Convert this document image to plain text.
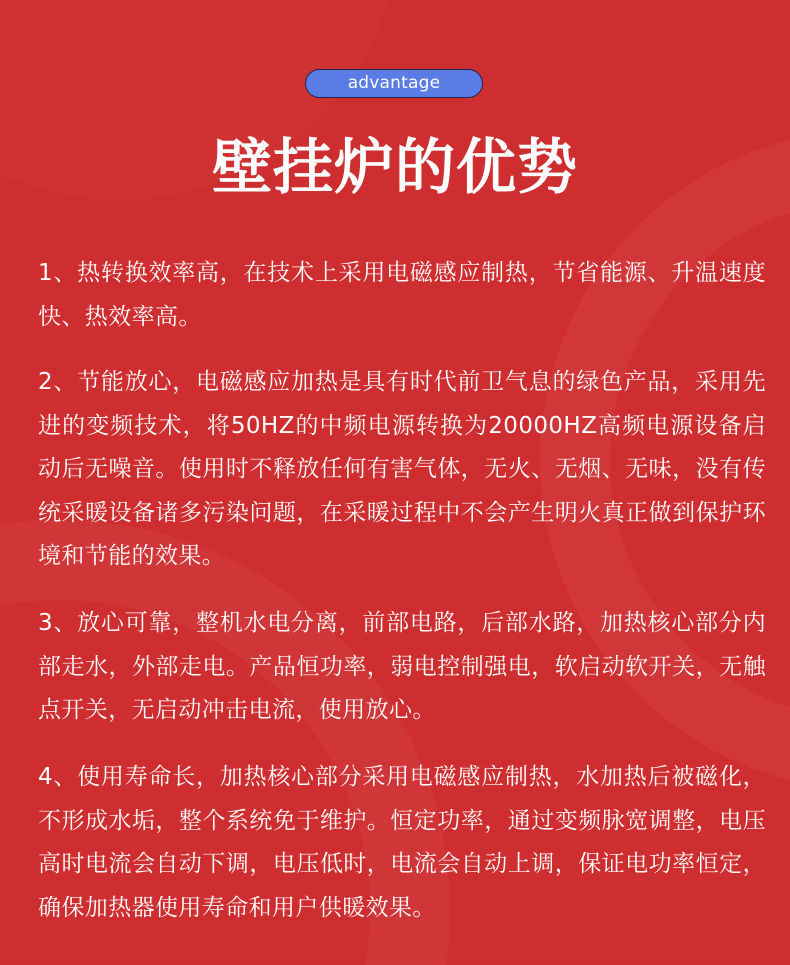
advantage
壁挂炉的优势

1、热转换效率高，在技术上采用电磁感应制热，节省能源、升温速度快、热效率高。

2、节能放心，电磁感应加热是具有时代前卫气息的绿色产品，采用先进的变频技术，将50HZ的中频电源转换为20000HZ高频电源设备启动后无噪音。使用时不释放任何有害气体，无火、无烟、无味，没有传统采暖设备诸多污染问题，在采暖过程中不会产生明火真正做到保护环境和节能的效果。

3、放心可靠，整机水电分离，前部电路，后部水路，加热核心部分内部走水，外部走电。产品恒功率，弱电控制强电，软启动软开关，无触点开关，无启动冲击电流，使用放心。

4、使用寿命长，加热核心部分采用电磁感应制热，水加热后被磁化，不形成水垢，整个系统免于维护。恒定功率，通过变频脉宽调整，电压高时电流会自动下调，电压低时，电流会自动上调，保证电功率恒定，确保加热器使用寿命和用户供暖效果。
